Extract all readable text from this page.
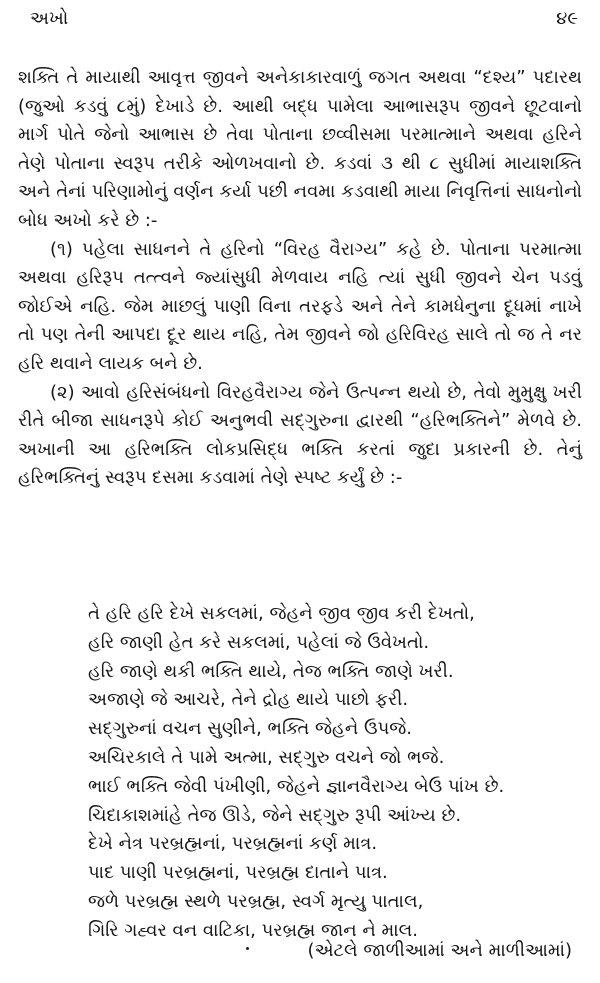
અખો	૪૯

શક્તિ તે માયાથી આવૃત્ત જીવને અનેકાકારવાળું જગત અથવા “દશ્ય” પદારથ (જુઓ કડવું ૮મું) દેખાડે છે. આથી બદ્ધ પામેલા આભાસરૂપ જીવને છૂટવાનો માર્ગ પોતે જેનો આભાસ છે તેવા પોતાના છવ્વીસમા પરમાત્માને અથવા હરિને તેણે પોતાના સ્વરૂપ તરીકે ઓળખવાનો છે. કડવાં ૩ થી ૮ સુધીમાં માયાશક્તિ અને તેનાં પરિણામોનું વર્ણન કર્યા પછી નવમા કડવાથી માયા નિવૃત્તિનાં સાધનોનો બોધ અખો કરે છે :-

(૧) પહેલા સાધનને તે હરિનો “વિરહ વૈરાગ્ય” કહે છે. પોતાના પરમાત્મા અથવા હરિરૂપ તત્ત્વને જ્યાંસુધી મેળવાય નહિ ત્યાં સુધી જીવને ચેન પડવું જોઈએ નહિ. જેમ માછલું પાણી વિના તરફડે અને તેને કામધેનુના દૂધમાં નાખે તો પણ તેની આપદા દૂર થાય નહિ, તેમ જીવને જો હરિવિરહ સાલે તો જ તે નર હરિ થવાને લાયક બને છે.

(૨) આવો હરિસંબંધનો વિરહવૈરાગ્ય જેને ઉત્પન્ન થયો છે, તેવો મુમુક્ષુ ખરી રીતે બીજા સાધનરૂપે કોઈ અનુભવી સદ્ગુરુના દ્વારથી “હરિભક્તિને” મેળવે છે. અખાની આ હરિભક્તિ લોકપ્રસિદ્ધ ભક્તિ કરતાં જુદા પ્રકારની છે. તેનું હરિભક્તિનું સ્વરૂપ દસમા કડવામાં તેણે સ્પષ્ટ કર્યું છે :-

તે હરિ હરિ દેખે સકલમાં, જેહને જીવ જીવ કરી દેખતો,
હરિ જાણી હેત કરે સકલમાં, પહેલાં જે ઉવેખતો.
હરિ જાણે થકી ભક્તિ થાયે, તેજ ભક્તિ જાણે ખરી.
અજાણે જે આચરે, તેને દ્રોહ થાયે પાછો ફરી.
સદ્ગુરુનાં વચન સુણીને, ભક્તિ જેહને ઉપજે.
અચિરકાલે તે પામે અત્મા, સદ્ગુરુ વચને જો ભજે.
ભાઈ ભક્તિ જેવી પંખીણી, જેહને જ્ઞાનવૈરાગ્ય બેઉ પાંખ છે.
ચિદાકાશમાંહે તેજ ઊડે, જેને સદ્ગુરુ રૂપી આંખ્ય છે.
દેખે નેત્ર પરબ્રહ્મનાં, પરબ્રહ્મનાં કર્ણ માત્ર.
પાદ પાણી પરબ્રહ્મનાં, પરબ્રહ્મ દાતાને પાત્ર.
જળે પરબ્રહ્મ સ્થળે પરબ્રહ્મ, સ્વર્ગ મૃત્યુ પાતાલ,
ગિરિ ગહ્વર વન વાટિકા, પરબ્રહ્મ જાન ને માલ.
(એટલે જાળીઆમાં અને માળીઆમાં)
